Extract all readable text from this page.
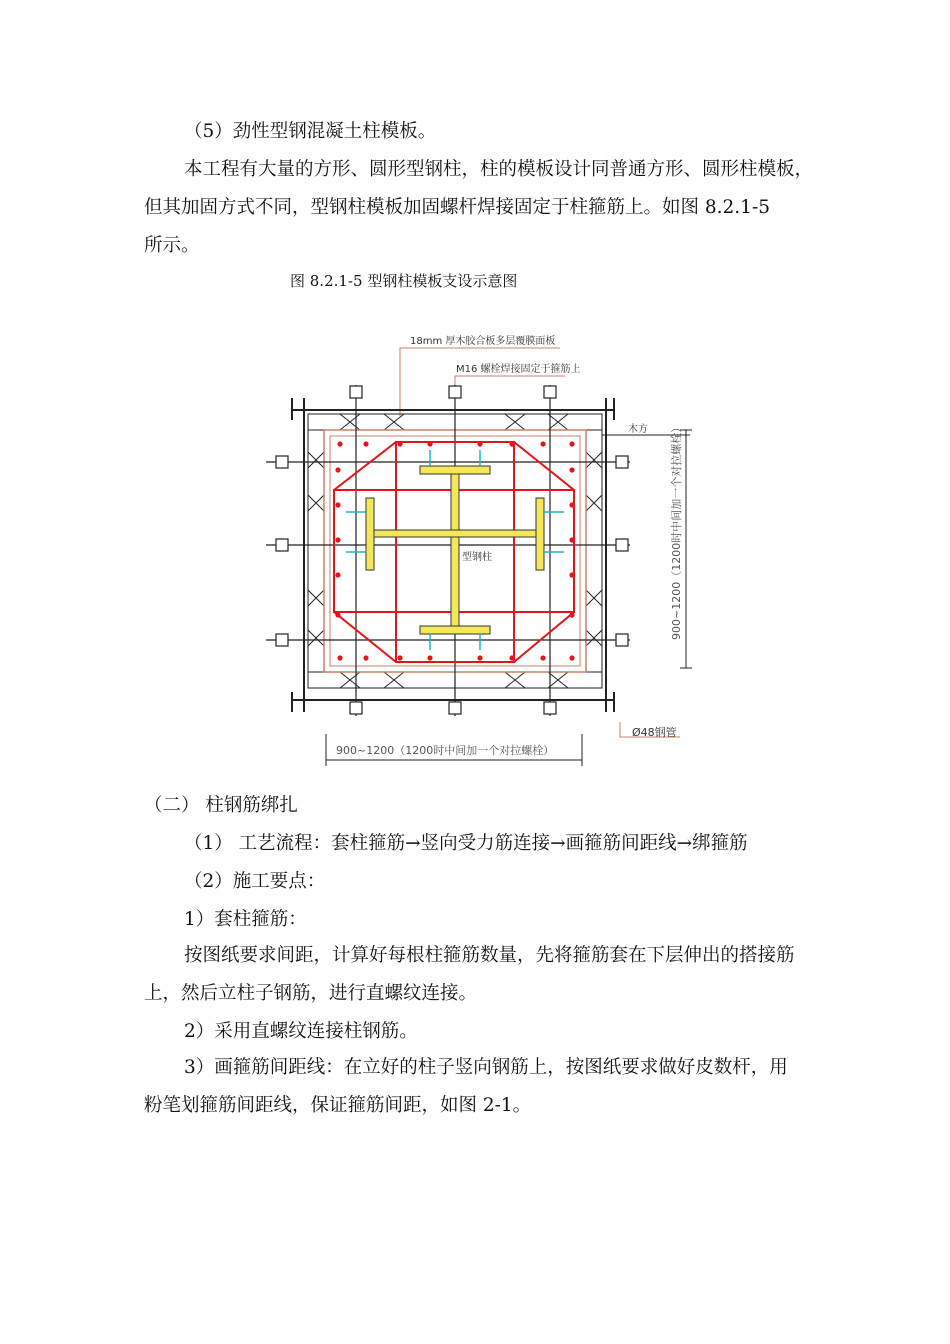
（5）劲性型钢混凝土柱模板。
本工程有大量的方形、圆形型钢柱，柱的模板设计同普通方形、圆形柱模板，
但其加固方式不同，型钢柱模板加固螺杆焊接固定于柱箍筋上。如图 8.2.1-5
所示。
图 8.2.1-5 型钢柱模板支设示意图
18mm 厚木胶合板多层覆膜面板
M16 螺栓焊接固定于箍筋上
型钢柱
木方 900~1200（1200时中间加一个对拉螺栓）
Ø48钢管
900~1200（1200时中间加一个对拉螺栓）
（二） 柱钢筋绑扎
（1） 工艺流程：套柱箍筋→竖向受力筋连接→画箍筋间距线→绑箍筋
（2）施工要点：
1）套柱箍筋：
按图纸要求间距，计算好每根柱箍筋数量，先将箍筋套在下层伸出的搭接筋
上，然后立柱子钢筋，进行直螺纹连接。
2）采用直螺纹连接柱钢筋。
3）画箍筋间距线：在立好的柱子竖向钢筋上，按图纸要求做好皮数杆，用
粉笔划箍筋间距线，保证箍筋间距，如图 2-1。
